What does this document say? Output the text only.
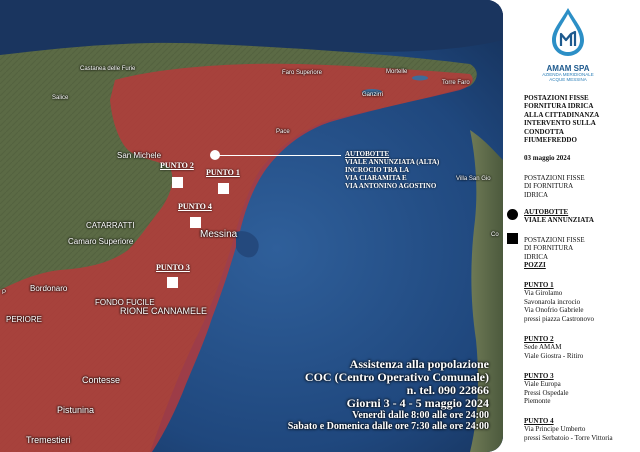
Castanea delle Furie
Salice
Faro Superiore	Mortelle
Torre Faro
Ganzirri
Pace
San Michele
Villa San Gio
CATARRATTI
Camaro Superiore
Messina
Bordonaro
PERIORE
FONDO FUCILE
RIONE CANNAMELE
Contesse
Pistunina
Tremestieri
Co
P
PUNTO 1
PUNTO 2
PUNTO 4
PUNTO 3
AUTOBOTTE
VIALE ANNUNZIATA (ALTA)
INCROCIO TRA LA
VIA CIARAMITA E
VIA ANTONINO AGOSTINO
Assistenza alla popolazione
COC (Centro Operativo Comunale)
n. tel. 090 22866
Giorni 3 - 4 - 5 maggio 2024
Venerdì dalle 8:00 alle ore 24:00
Sabato e Domenica dalle ore 7:30 alle ore 24:00
AMAM SPA
AZIENDA MERIDIONALE
ACQUE MESSINA
POSTAZIONI FISSE
FORNITURA IDRICA
ALLA CITTADINANZA
INTERVENTO SULLA
CONDOTTA
FIUMEFREDDO
03 maggio 2024
POSTAZIONI FISSE
DI FORNITURA
IDRICA
AUTOBOTTE
VIALE ANNUNZIATA
POSTAZIONI FISSE
DI FORNITURA
IDRICA
POZZI
PUNTO 1
Via Girolamo
Savonarola incrocio
Via Onofrio Gabriele
pressi piazza Castronovo
PUNTO 2
Sede AMAM
Viale Giostra - Ritiro
PUNTO 3
Viale Europa
Pressi Ospedale
Piemonte
PUNTO 4
Via Principe Umberto
pressi Serbatoio - Torre Vittoria
